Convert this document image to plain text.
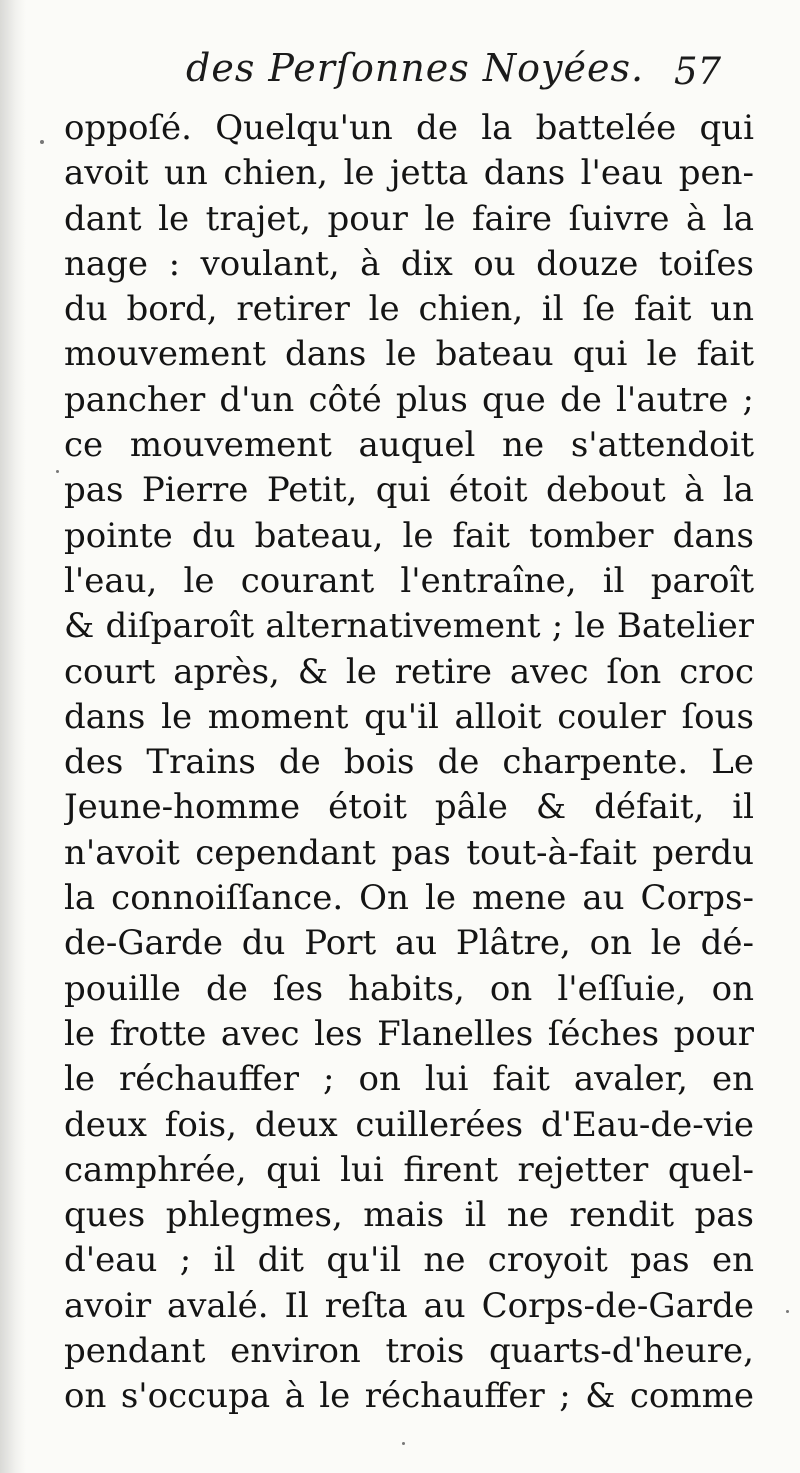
des Perſonnes Noyées. 57
oppoſé. Quelqu'un de la battelée qui
avoit un chien, le jetta dans l'eau pen-
dant le trajet, pour le faire ſuivre à la
nage : voulant, à dix ou douze toiſes
du bord, retirer le chien, il ſe fait un
mouvement dans le bateau qui le fait
pancher d'un côté plus que de l'autre ;
ce mouvement auquel ne s'attendoit
pas Pierre Petit, qui étoit debout à la
pointe du bateau, le fait tomber dans
l'eau, le courant l'entraîne, il paroît
& diſparoît alternativement ; le Batelier
court après, & le retire avec ſon croc
dans le moment qu'il alloit couler ſous
des Trains de bois de charpente. Le
Jeune-homme étoit pâle & défait, il
n'avoit cependant pas tout-à-fait perdu
la connoiſſance. On le mene au Corps-
de-Garde du Port au Plâtre, on le dé-
pouille de ſes habits, on l'eſſuie, on
le frotte avec les Flanelles ſéches pour
le réchauffer ; on lui fait avaler, en
deux fois, deux cuillerées d'Eau-de-vie
camphrée, qui lui firent rejetter quel-
ques phlegmes, mais il ne rendit pas
d'eau ; il dit qu'il ne croyoit pas en
avoir avalé. Il reſta au Corps-de-Garde
pendant environ trois quarts-d'heure,
on s'occupa à le réchauffer ; & comme
